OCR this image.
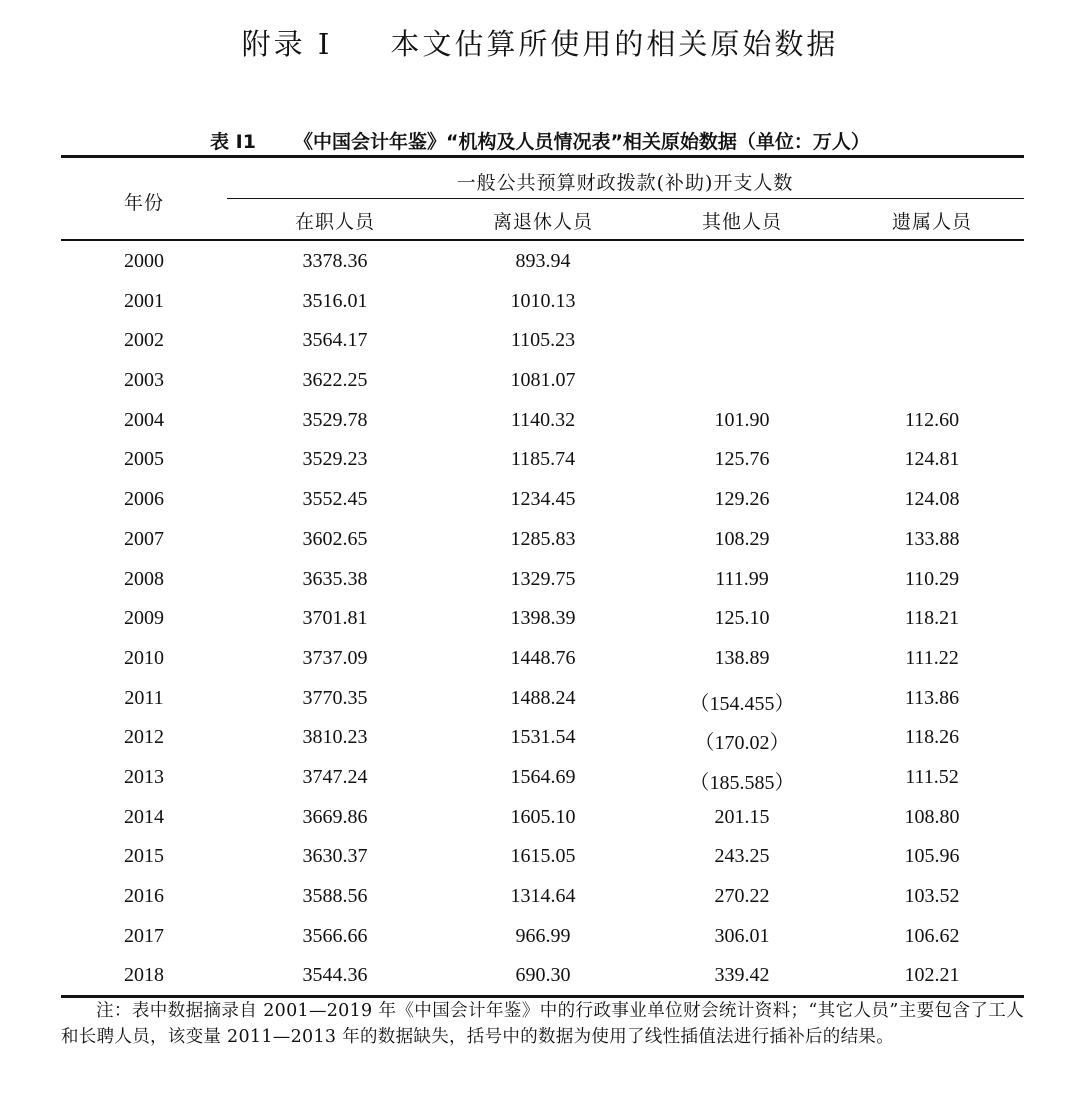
附录 I 本文估算所使用的相关原始数据
表 I1 《中国会计年鉴》“机构及人员情况表”相关原始数据（单位：万人）
年份
一般公共预算财政拨款(补助)开支人数
在职人员	离退休人员	其他人员	遗属人员
2000	3378.36	893.94
2001	3516.01	1010.13
2002	3564.17	1105.23
2003	3622.25	1081.07
2004	3529.78	1140.32	101.90	112.60
2005	3529.23	1185.74	125.76	124.81
2006	3552.45	1234.45	129.26	124.08
2007	3602.65	1285.83	108.29	133.88
2008	3635.38	1329.75	111.99	110.29
2009	3701.81	1398.39	125.10	118.21
2010	3737.09	1448.76	138.89	111.22
2011	3770.35	1488.24	（154.455）	113.86
2012	3810.23	1531.54	（170.02）	118.26
2013	3747.24	1564.69	（185.585）	111.52
2014	3669.86	1605.10	201.15	108.80
2015	3630.37	1615.05	243.25	105.96
2016	3588.56	1314.64	270.22	103.52
2017	3566.66	966.99	306.01	106.62
2018	3544.36	690.30	339.42	102.21
注：表中数据摘录自 2001—2019 年《中国会计年鉴》中的行政事业单位财会统计资料；“其它人员”主要包含了工人和长聘人员，该变量 2011—2013 年的数据缺失，括号中的数据为使用了线性插值法进行插补后的结果。
